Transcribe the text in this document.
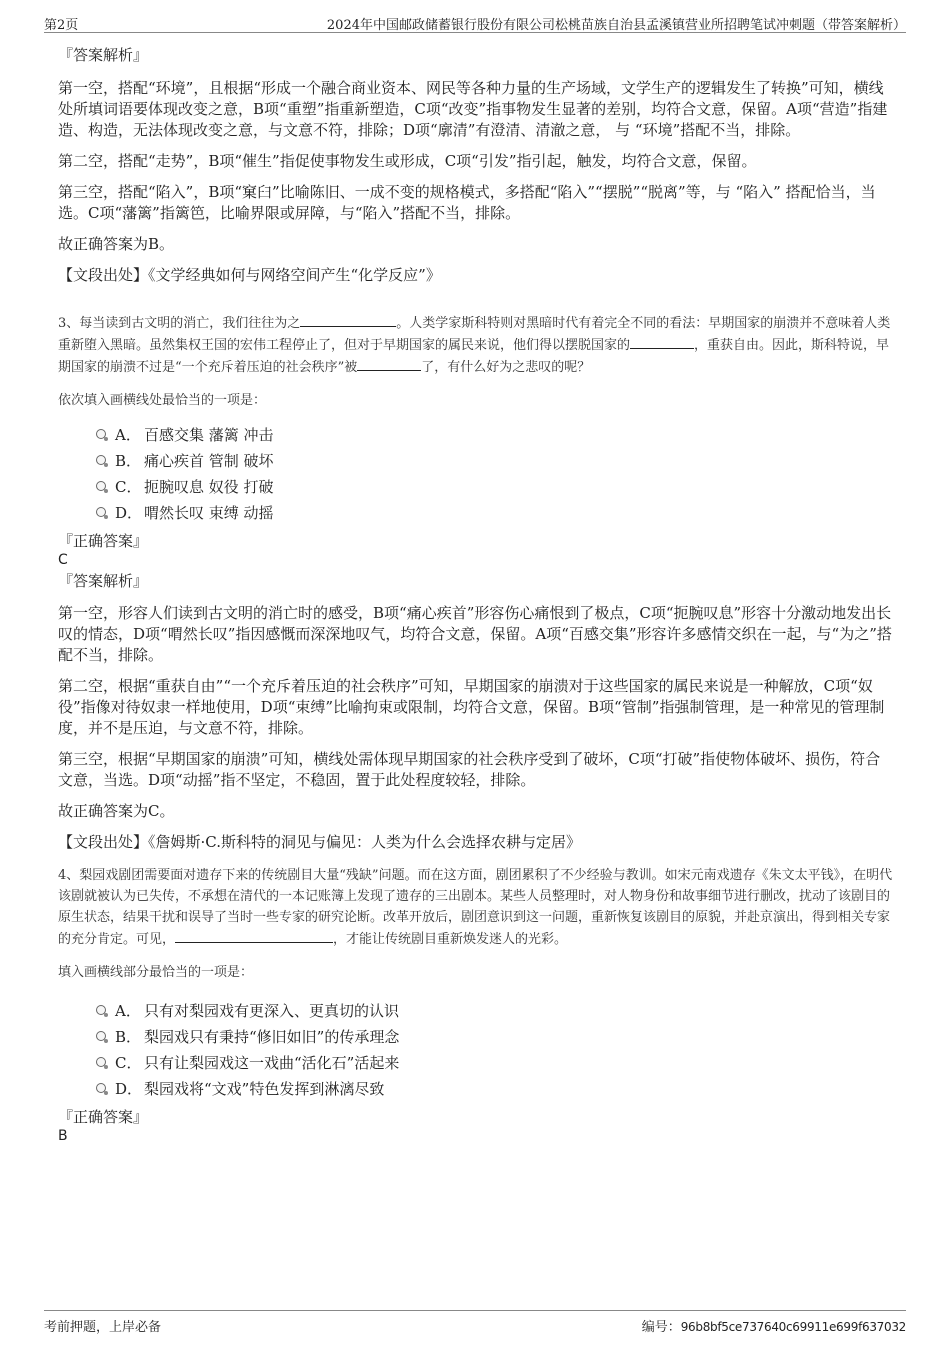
第2页	2024年中国邮政储蓄银行股份有限公司松桃苗族自治县孟溪镇营业所招聘笔试冲刺题（带答案解析）

『答案解析』

第一空，搭配“环境”，且根据“形成一个融合商业资本、网民等各种力量的生产场域，文学生产的逻辑发生了转换”可知，横线处所填词语要体现改变之意，B项“重塑”指重新塑造，C项“改变”指事物发生显著的差别，均符合文意，保留。A项“营造”指建造、构造，无法体现改变之意，与文意不符，排除；D项“廓清”有澄清、清澈之意， 与 “环境”搭配不当，排除。

第二空，搭配“走势”，B项“催生”指促使事物发生或形成，C项“引发”指引起，触发，均符合文意，保留。

第三空，搭配“陷入”，B项“窠臼”比喻陈旧、一成不变的规格模式，多搭配“陷入”“摆脱”“脱离”等，与 “陷入” 搭配恰当，当选。C项“藩篱”指篱笆，比喻界限或屏障，与“陷入”搭配不当，排除。

故正确答案为B。

【文段出处】《文学经典如何与网络空间产生“化学反应”》

3、每当读到古文明的消亡，我们往往为之	。人类学家斯科特则对黑暗时代有着完全不同的看法：早期国家的崩溃并不意味着人类重新堕入黑暗。虽然集权王国的宏伟工程停止了，但对于早期国家的属民来说，他们得以摆脱国家的	，重获自由。因此，斯科特说，早期国家的崩溃不过是“一个充斥着压迫的社会秩序”被	了，有什么好为之悲叹的呢？

依次填入画横线处最恰当的一项是：

A． 百感交集 藩篱 冲击
B． 痛心疾首 管制 破坏
C． 扼腕叹息 奴役 打破
D． 喟然长叹 束缚 动摇

『正确答案』

C

『答案解析』

第一空，形容人们读到古文明的消亡时的感受，B项“痛心疾首”形容伤心痛恨到了极点，C项“扼腕叹息”形容十分激动地发出长叹的情态，D项“喟然长叹”指因感慨而深深地叹气，均符合文意，保留。A项“百感交集”形容许多感情交织在一起，与“为之”搭配不当，排除。

第二空，根据“重获自由”“一个充斥着压迫的社会秩序”可知，早期国家的崩溃对于这些国家的属民来说是一种解放，C项“奴役”指像对待奴隶一样地使用，D项“束缚”比喻拘束或限制，均符合文意，保留。B项“管制”指强制管理，是一种常见的管理制度，并不是压迫，与文意不符，排除。

第三空，根据“早期国家的崩溃”可知，横线处需体现早期国家的社会秩序受到了破坏，C项“打破”指使物体破坏、损伤，符合文意，当选。D项“动摇”指不坚定，不稳固，置于此处程度较轻，排除。

故正确答案为C。

【文段出处】《詹姆斯·C.斯科特的洞见与偏见：人类为什么会选择农耕与定居》

4、梨园戏剧团需要面对遗存下来的传统剧目大量“残缺”问题。而在这方面，剧团累积了不少经验与教训。如宋元南戏遗存《朱文太平钱》，在明代该剧就被认为已失传，不承想在清代的一本记账簿上发现了遗存的三出剧本。某些人员整理时，对人物身份和故事细节进行删改，扰动了该剧目的原生状态，结果干扰和误导了当时一些专家的研究论断。改革开放后，剧团意识到这一问题，重新恢复该剧目的原貌，并赴京演出，得到相关专家的充分肯定。可见，	，才能让传统剧目重新焕发迷人的光彩。

填入画横线部分最恰当的一项是：

A． 只有对梨园戏有更深入、更真切的认识
B． 梨园戏只有秉持“修旧如旧”的传承理念
C． 只有让梨园戏这一戏曲“活化石”活起来
D． 梨园戏将“文戏”特色发挥到淋漓尽致

『正确答案』

B

考前押题，上岸必备	编号：96b8bf5ce737640c69911e699f637032
